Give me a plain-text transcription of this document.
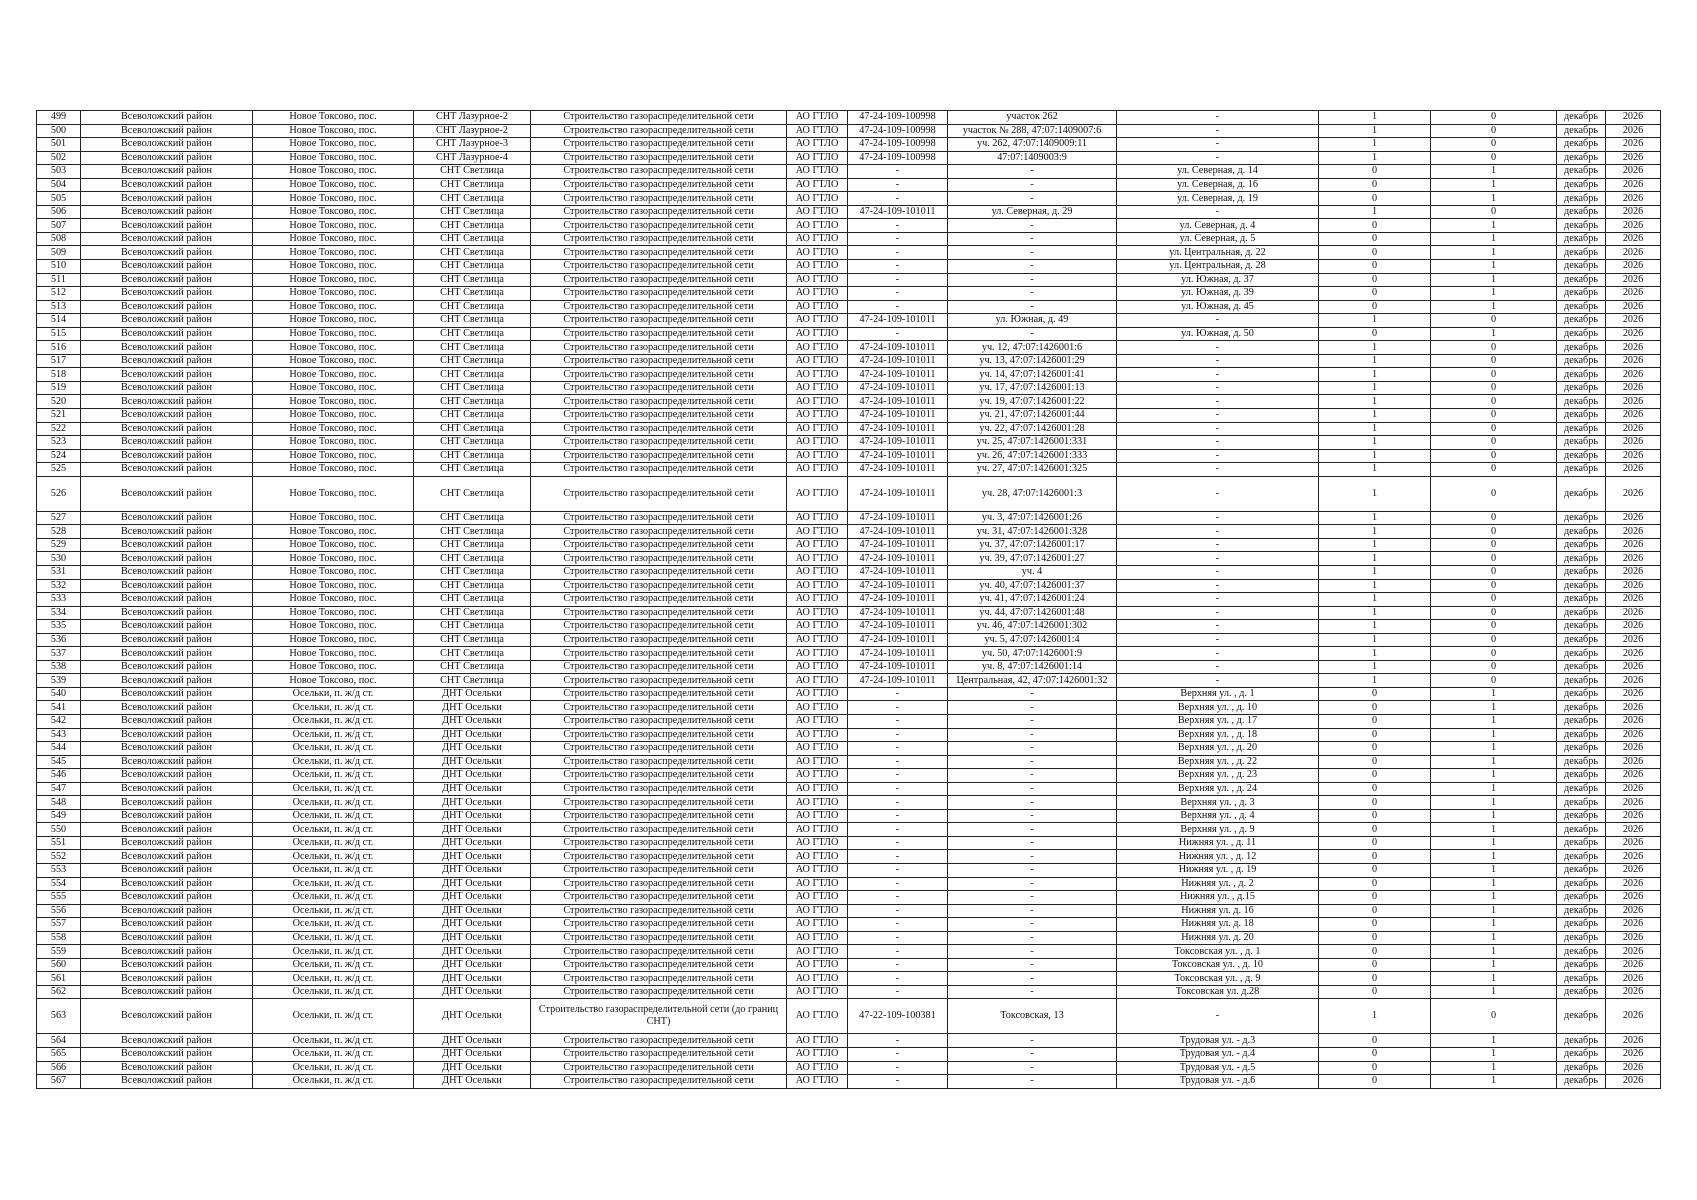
499	Всеволожский район	Новое Токсово, пос.	СНТ Лазурное-2	Строительство газораспределительной сети	АО ГТЛО	47-24-109-100998	участок 262	-	1	0	декабрь	2026
500	Всеволожский район	Новое Токсово, пос.	СНТ Лазурное-2	Строительство газораспределительной сети	АО ГТЛО	47-24-109-100998	участок № 288, 47:07:1409007:6	-	1	0	декабрь	2026
501	Всеволожский район	Новое Токсово, пос.	СНТ Лазурное-3	Строительство газораспределительной сети	АО ГТЛО	47-24-109-100998	уч. 262, 47:07:1409009:11	-	1	0	декабрь	2026
502	Всеволожский район	Новое Токсово, пос.	СНТ Лазурное-4	Строительство газораспределительной сети	АО ГТЛО	47-24-109-100998	47:07:1409003:9	-	1	0	декабрь	2026
503	Всеволожский район	Новое Токсово, пос.	СНТ Светлица	Строительство газораспределительной сети	АО ГТЛО	-	-	ул. Северная, д. 14	0	1	декабрь	2026
504	Всеволожский район	Новое Токсово, пос.	СНТ Светлица	Строительство газораспределительной сети	АО ГТЛО	-	-	ул. Северная, д. 16	0	1	декабрь	2026
505	Всеволожский район	Новое Токсово, пос.	СНТ Светлица	Строительство газораспределительной сети	АО ГТЛО	-	-	ул. Северная, д. 19	0	1	декабрь	2026
506	Всеволожский район	Новое Токсово, пос.	СНТ Светлица	Строительство газораспределительной сети	АО ГТЛО	47-24-109-101011	ул. Северная, д. 29	-	1	0	декабрь	2026
507	Всеволожский район	Новое Токсово, пос.	СНТ Светлица	Строительство газораспределительной сети	АО ГТЛО	-	-	ул. Северная, д. 4	0	1	декабрь	2026
508	Всеволожский район	Новое Токсово, пос.	СНТ Светлица	Строительство газораспределительной сети	АО ГТЛО	-	-	ул. Северная, д. 5	0	1	декабрь	2026
509	Всеволожский район	Новое Токсово, пос.	СНТ Светлица	Строительство газораспределительной сети	АО ГТЛО	-	-	ул. Центральная, д. 22	0	1	декабрь	2026
510	Всеволожский район	Новое Токсово, пос.	СНТ Светлица	Строительство газораспределительной сети	АО ГТЛО	-	-	ул. Центральная, д. 28	0	1	декабрь	2026
511	Всеволожский район	Новое Токсово, пос.	СНТ Светлица	Строительство газораспределительной сети	АО ГТЛО	-	-	ул. Южная, д. 37	0	1	декабрь	2026
512	Всеволожский район	Новое Токсово, пос.	СНТ Светлица	Строительство газораспределительной сети	АО ГТЛО	-	-	ул. Южная, д. 39	0	1	декабрь	2026
513	Всеволожский район	Новое Токсово, пос.	СНТ Светлица	Строительство газораспределительной сети	АО ГТЛО	-	-	ул. Южная, д. 45	0	1	декабрь	2026
514	Всеволожский район	Новое Токсово, пос.	СНТ Светлица	Строительство газораспределительной сети	АО ГТЛО	47-24-109-101011	ул. Южная, д. 49	-	1	0	декабрь	2026
515	Всеволожский район	Новое Токсово, пос.	СНТ Светлица	Строительство газораспределительной сети	АО ГТЛО	-	-	ул. Южная, д. 50	0	1	декабрь	2026
516	Всеволожский район	Новое Токсово, пос.	СНТ Светлица	Строительство газораспределительной сети	АО ГТЛО	47-24-109-101011	уч. 12, 47:07:1426001:6	-	1	0	декабрь	2026
517	Всеволожский район	Новое Токсово, пос.	СНТ Светлица	Строительство газораспределительной сети	АО ГТЛО	47-24-109-101011	уч. 13, 47:07:1426001:29	-	1	0	декабрь	2026
518	Всеволожский район	Новое Токсово, пос.	СНТ Светлица	Строительство газораспределительной сети	АО ГТЛО	47-24-109-101011	уч. 14, 47:07:1426001:41	-	1	0	декабрь	2026
519	Всеволожский район	Новое Токсово, пос.	СНТ Светлица	Строительство газораспределительной сети	АО ГТЛО	47-24-109-101011	уч. 17, 47:07:1426001:13	-	1	0	декабрь	2026
520	Всеволожский район	Новое Токсово, пос.	СНТ Светлица	Строительство газораспределительной сети	АО ГТЛО	47-24-109-101011	уч. 19, 47:07:1426001:22	-	1	0	декабрь	2026
521	Всеволожский район	Новое Токсово, пос.	СНТ Светлица	Строительство газораспределительной сети	АО ГТЛО	47-24-109-101011	уч. 21, 47:07:1426001:44	-	1	0	декабрь	2026
522	Всеволожский район	Новое Токсово, пос.	СНТ Светлица	Строительство газораспределительной сети	АО ГТЛО	47-24-109-101011	уч. 22, 47:07:1426001:28	-	1	0	декабрь	2026
523	Всеволожский район	Новое Токсово, пос.	СНТ Светлица	Строительство газораспределительной сети	АО ГТЛО	47-24-109-101011	уч. 25, 47:07:1426001:331	-	1	0	декабрь	2026
524	Всеволожский район	Новое Токсово, пос.	СНТ Светлица	Строительство газораспределительной сети	АО ГТЛО	47-24-109-101011	уч. 26, 47:07:1426001:333	-	1	0	декабрь	2026
525	Всеволожский район	Новое Токсово, пос.	СНТ Светлица	Строительство газораспределительной сети	АО ГТЛО	47-24-109-101011	уч. 27, 47:07:1426001:325	-	1	0	декабрь	2026
526	Всеволожский район	Новое Токсово, пос.	СНТ Светлица	Строительство газораспределительной сети	АО ГТЛО	47-24-109-101011	уч. 28, 47:07:1426001:3	-	1	0	декабрь	2026
527	Всеволожский район	Новое Токсово, пос.	СНТ Светлица	Строительство газораспределительной сети	АО ГТЛО	47-24-109-101011	уч. 3, 47:07:1426001:26	-	1	0	декабрь	2026
528	Всеволожский район	Новое Токсово, пос.	СНТ Светлица	Строительство газораспределительной сети	АО ГТЛО	47-24-109-101011	уч. 31, 47:07:1426001:328	-	1	0	декабрь	2026
529	Всеволожский район	Новое Токсово, пос.	СНТ Светлица	Строительство газораспределительной сети	АО ГТЛО	47-24-109-101011	уч. 37, 47:07:1426001:17	-	1	0	декабрь	2026
530	Всеволожский район	Новое Токсово, пос.	СНТ Светлица	Строительство газораспределительной сети	АО ГТЛО	47-24-109-101011	уч. 39, 47:07:1426001:27	-	1	0	декабрь	2026
531	Всеволожский район	Новое Токсово, пос.	СНТ Светлица	Строительство газораспределительной сети	АО ГТЛО	47-24-109-101011	уч. 4	-	1	0	декабрь	2026
532	Всеволожский район	Новое Токсово, пос.	СНТ Светлица	Строительство газораспределительной сети	АО ГТЛО	47-24-109-101011	уч. 40, 47:07:1426001:37	-	1	0	декабрь	2026
533	Всеволожский район	Новое Токсово, пос.	СНТ Светлица	Строительство газораспределительной сети	АО ГТЛО	47-24-109-101011	уч. 41, 47:07:1426001:24	-	1	0	декабрь	2026
534	Всеволожский район	Новое Токсово, пос.	СНТ Светлица	Строительство газораспределительной сети	АО ГТЛО	47-24-109-101011	уч. 44, 47:07:1426001:48	-	1	0	декабрь	2026
535	Всеволожский район	Новое Токсово, пос.	СНТ Светлица	Строительство газораспределительной сети	АО ГТЛО	47-24-109-101011	уч. 46, 47:07:1426001:302	-	1	0	декабрь	2026
536	Всеволожский район	Новое Токсово, пос.	СНТ Светлица	Строительство газораспределительной сети	АО ГТЛО	47-24-109-101011	уч. 5, 47:07:1426001:4	-	1	0	декабрь	2026
537	Всеволожский район	Новое Токсово, пос.	СНТ Светлица	Строительство газораспределительной сети	АО ГТЛО	47-24-109-101011	уч. 50, 47:07:1426001:9	-	1	0	декабрь	2026
538	Всеволожский район	Новое Токсово, пос.	СНТ Светлица	Строительство газораспределительной сети	АО ГТЛО	47-24-109-101011	уч. 8, 47:07:1426001:14	-	1	0	декабрь	2026
539	Всеволожский район	Новое Токсово, пос.	СНТ Светлица	Строительство газораспределительной сети	АО ГТЛО	47-24-109-101011	Центральная, 42, 47:07:1426001:32	-	1	0	декабрь	2026
540	Всеволожский район	Осельки, п. ж/д ст.	ДНТ Осельки	Строительство газораспределительной сети	АО ГТЛО	-	-	Верхняя ул. , д. 1	0	1	декабрь	2026
541	Всеволожский район	Осельки, п. ж/д ст.	ДНТ Осельки	Строительство газораспределительной сети	АО ГТЛО	-	-	Верхняя ул. , д. 10	0	1	декабрь	2026
542	Всеволожский район	Осельки, п. ж/д ст.	ДНТ Осельки	Строительство газораспределительной сети	АО ГТЛО	-	-	Верхняя ул. , д. 17	0	1	декабрь	2026
543	Всеволожский район	Осельки, п. ж/д ст.	ДНТ Осельки	Строительство газораспределительной сети	АО ГТЛО	-	-	Верхняя ул. , д. 18	0	1	декабрь	2026
544	Всеволожский район	Осельки, п. ж/д ст.	ДНТ Осельки	Строительство газораспределительной сети	АО ГТЛО	-	-	Верхняя ул. , д. 20	0	1	декабрь	2026
545	Всеволожский район	Осельки, п. ж/д ст.	ДНТ Осельки	Строительство газораспределительной сети	АО ГТЛО	-	-	Верхняя ул. , д. 22	0	1	декабрь	2026
546	Всеволожский район	Осельки, п. ж/д ст.	ДНТ Осельки	Строительство газораспределительной сети	АО ГТЛО	-	-	Верхняя ул. , д. 23	0	1	декабрь	2026
547	Всеволожский район	Осельки, п. ж/д ст.	ДНТ Осельки	Строительство газораспределительной сети	АО ГТЛО	-	-	Верхняя ул. , д. 24	0	1	декабрь	2026
548	Всеволожский район	Осельки, п. ж/д ст.	ДНТ Осельки	Строительство газораспределительной сети	АО ГТЛО	-	-	Верхняя ул. , д. 3	0	1	декабрь	2026
549	Всеволожский район	Осельки, п. ж/д ст.	ДНТ Осельки	Строительство газораспределительной сети	АО ГТЛО	-	-	Верхняя ул. , д. 4	0	1	декабрь	2026
550	Всеволожский район	Осельки, п. ж/д ст.	ДНТ Осельки	Строительство газораспределительной сети	АО ГТЛО	-	-	Верхняя ул. , д. 9	0	1	декабрь	2026
551	Всеволожский район	Осельки, п. ж/д ст.	ДНТ Осельки	Строительство газораспределительной сети	АО ГТЛО	-	-	Нижняя ул. , д. 11	0	1	декабрь	2026
552	Всеволожский район	Осельки, п. ж/д ст.	ДНТ Осельки	Строительство газораспределительной сети	АО ГТЛО	-	-	Нижняя ул. , д. 12	0	1	декабрь	2026
553	Всеволожский район	Осельки, п. ж/д ст.	ДНТ Осельки	Строительство газораспределительной сети	АО ГТЛО	-	-	Нижняя ул. , д. 19	0	1	декабрь	2026
554	Всеволожский район	Осельки, п. ж/д ст.	ДНТ Осельки	Строительство газораспределительной сети	АО ГТЛО	-	-	Нижняя ул. , д. 2	0	1	декабрь	2026
555	Всеволожский район	Осельки, п. ж/д ст.	ДНТ Осельки	Строительство газораспределительной сети	АО ГТЛО	-	-	Нижняя ул. , д.15	0	1	декабрь	2026
556	Всеволожский район	Осельки, п. ж/д ст.	ДНТ Осельки	Строительство газораспределительной сети	АО ГТЛО	-	-	Нижняя ул. д. 16	0	1	декабрь	2026
557	Всеволожский район	Осельки, п. ж/д ст.	ДНТ Осельки	Строительство газораспределительной сети	АО ГТЛО	-	-	Нижняя ул. д. 18	0	1	декабрь	2026
558	Всеволожский район	Осельки, п. ж/д ст.	ДНТ Осельки	Строительство газораспределительной сети	АО ГТЛО	-	-	Нижняя ул. д. 20	0	1	декабрь	2026
559	Всеволожский район	Осельки, п. ж/д ст.	ДНТ Осельки	Строительство газораспределительной сети	АО ГТЛО	-	-	Токсовская ул. , д. 1	0	1	декабрь	2026
560	Всеволожский район	Осельки, п. ж/д ст.	ДНТ Осельки	Строительство газораспределительной сети	АО ГТЛО	-	-	Токсовская ул. , д. 10	0	1	декабрь	2026
561	Всеволожский район	Осельки, п. ж/д ст.	ДНТ Осельки	Строительство газораспределительной сети	АО ГТЛО	-	-	Токсовская ул. , д. 9	0	1	декабрь	2026
562	Всеволожский район	Осельки, п. ж/д ст.	ДНТ Осельки	Строительство газораспределительной сети	АО ГТЛО	-	-	Токсовская ул. д.28	0	1	декабрь	2026
563	Всеволожский район	Осельки, п. ж/д ст.	ДНТ Осельки	Строительство газораспределительной сети (до границ СНТ)	АО ГТЛО	47-22-109-100381	Токсовская, 13	-	1	0	декабрь	2026
564	Всеволожский район	Осельки, п. ж/д ст.	ДНТ Осельки	Строительство газораспределительной сети	АО ГТЛО	-	-	Трудовая ул. - д.3	0	1	декабрь	2026
565	Всеволожский район	Осельки, п. ж/д ст.	ДНТ Осельки	Строительство газораспределительной сети	АО ГТЛО	-	-	Трудовая ул. - д.4	0	1	декабрь	2026
566	Всеволожский район	Осельки, п. ж/д ст.	ДНТ Осельки	Строительство газораспределительной сети	АО ГТЛО	-	-	Трудовая ул. - д.5	0	1	декабрь	2026
567	Всеволожский район	Осельки, п. ж/д ст.	ДНТ Осельки	Строительство газораспределительной сети	АО ГТЛО	-	-	Трудовая ул. - д.6	0	1	декабрь	2026
